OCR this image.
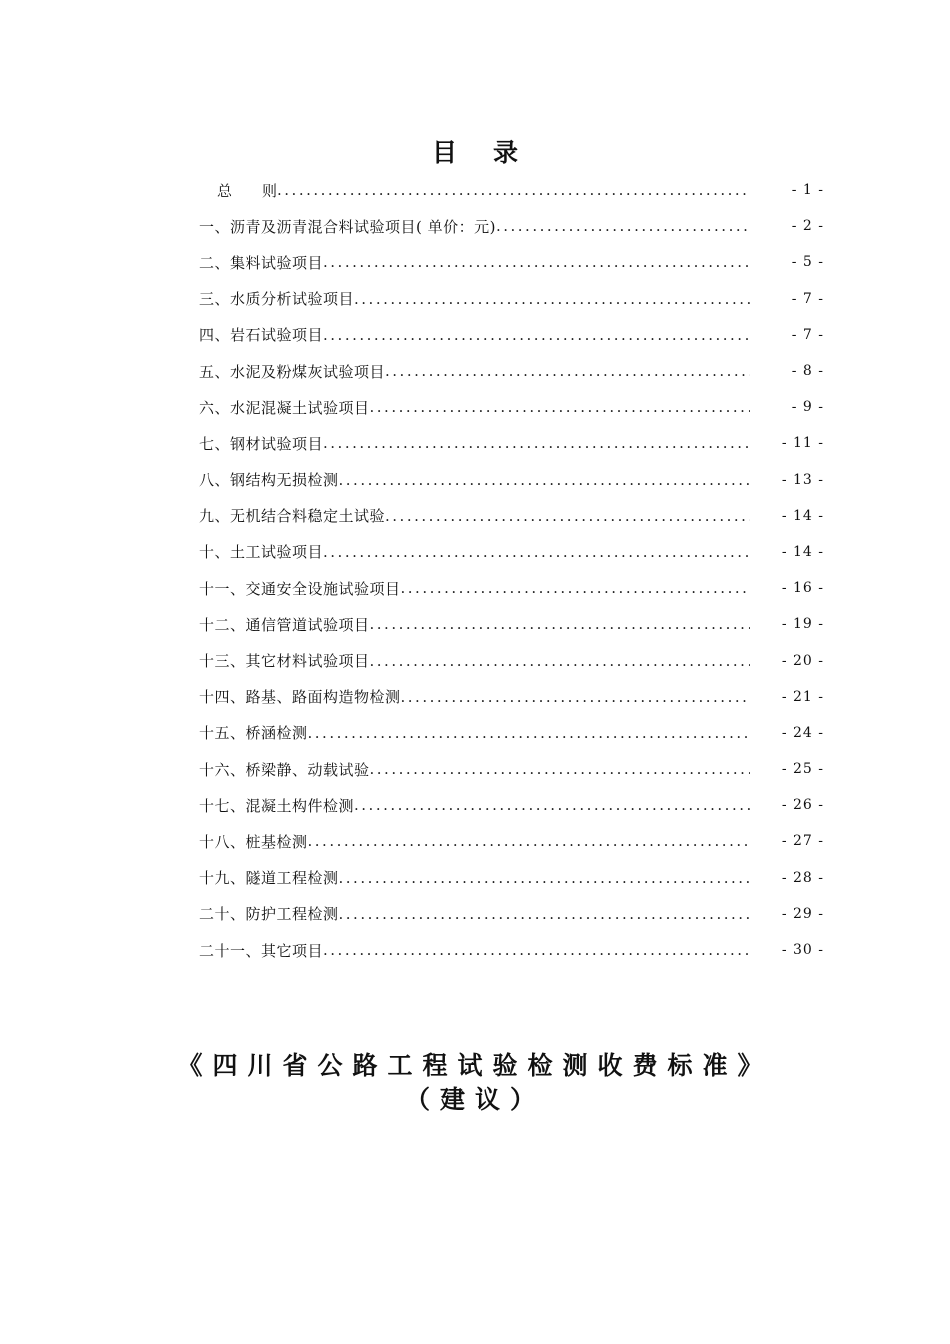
目 录
总　　则 .....	- 1 -
一、沥青及沥青混合料试验项目( 单价：元) .....	- 2 -
二、集料试验项目 .....	- 5 -
三、水质分析试验项目 .....	- 7 -
四、岩石试验项目 .....	- 7 -
五、水泥及粉煤灰试验项目 .....	- 8 -
六、水泥混凝土试验项目 .....	- 9 -
七、钢材试验项目 .....	- 11 -
八、钢结构无损检测 .....	- 13 -
九、无机结合料稳定土试验 .....	- 14 -
十、土工试验项目 .....	- 14 -
十一、交通安全设施试验项目 .....	- 16 -
十二、通信管道试验项目 .....	- 19 -
十三、其它材料试验项目 .....	- 20 -
十四、路基、路面构造物检测 .....	- 21 -
十五、桥涵检测 .....	- 24 -
十六、桥梁静、动载试验 .....	- 25 -
十七、混凝土构件检测 .....	- 26 -
十八、桩基检测 .....	- 27 -
十九、隧道工程检测 .....	- 28 -
二十、防护工程检测 .....	- 29 -
二十一、其它项目 .....	- 30 -
《四川省公路工程试验检测收费标准》
（建议）
